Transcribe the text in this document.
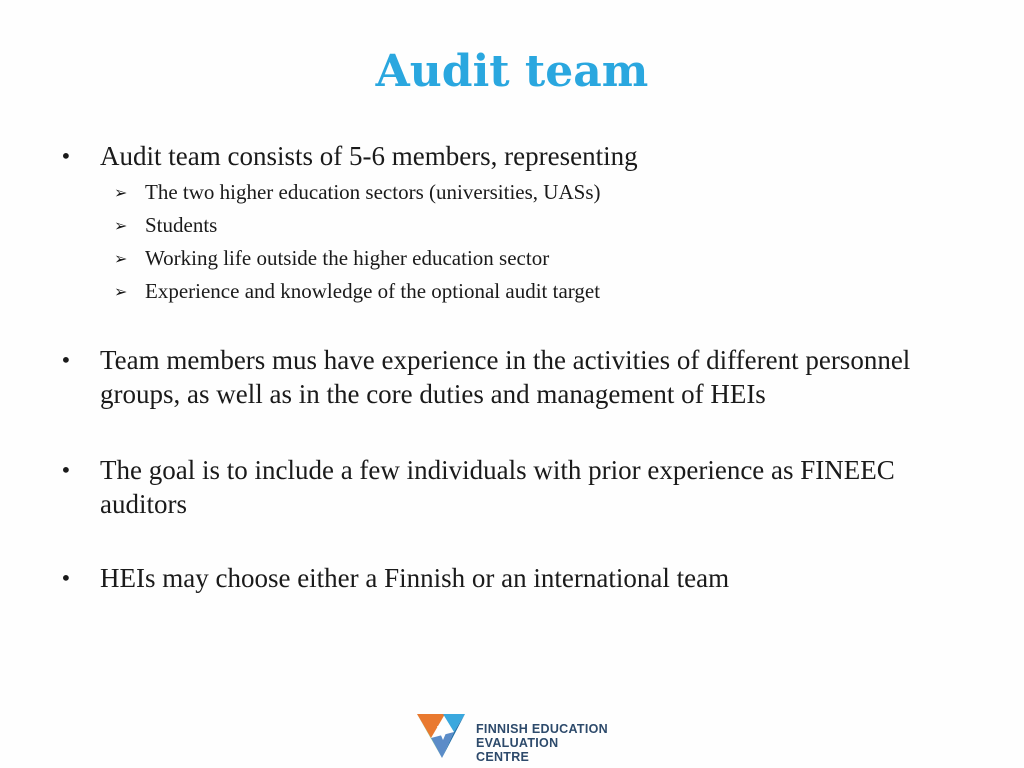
Audit team
•	Audit team consists of 5-6 members, representing
➢ The two higher education sectors (universities, UASs)
➢ Students
➢ Working life outside the higher education sector
➢ Experience and knowledge of the optional audit target
•	Team members mus have experience in the activities of different personnel groups, as well as in the core duties and management of HEIs
•	The goal is to include a few individuals with prior experience as FINEEC auditors
•	HEIs may choose either a Finnish or an international team
FINNISH EDUCATION
EVALUATION CENTRE
